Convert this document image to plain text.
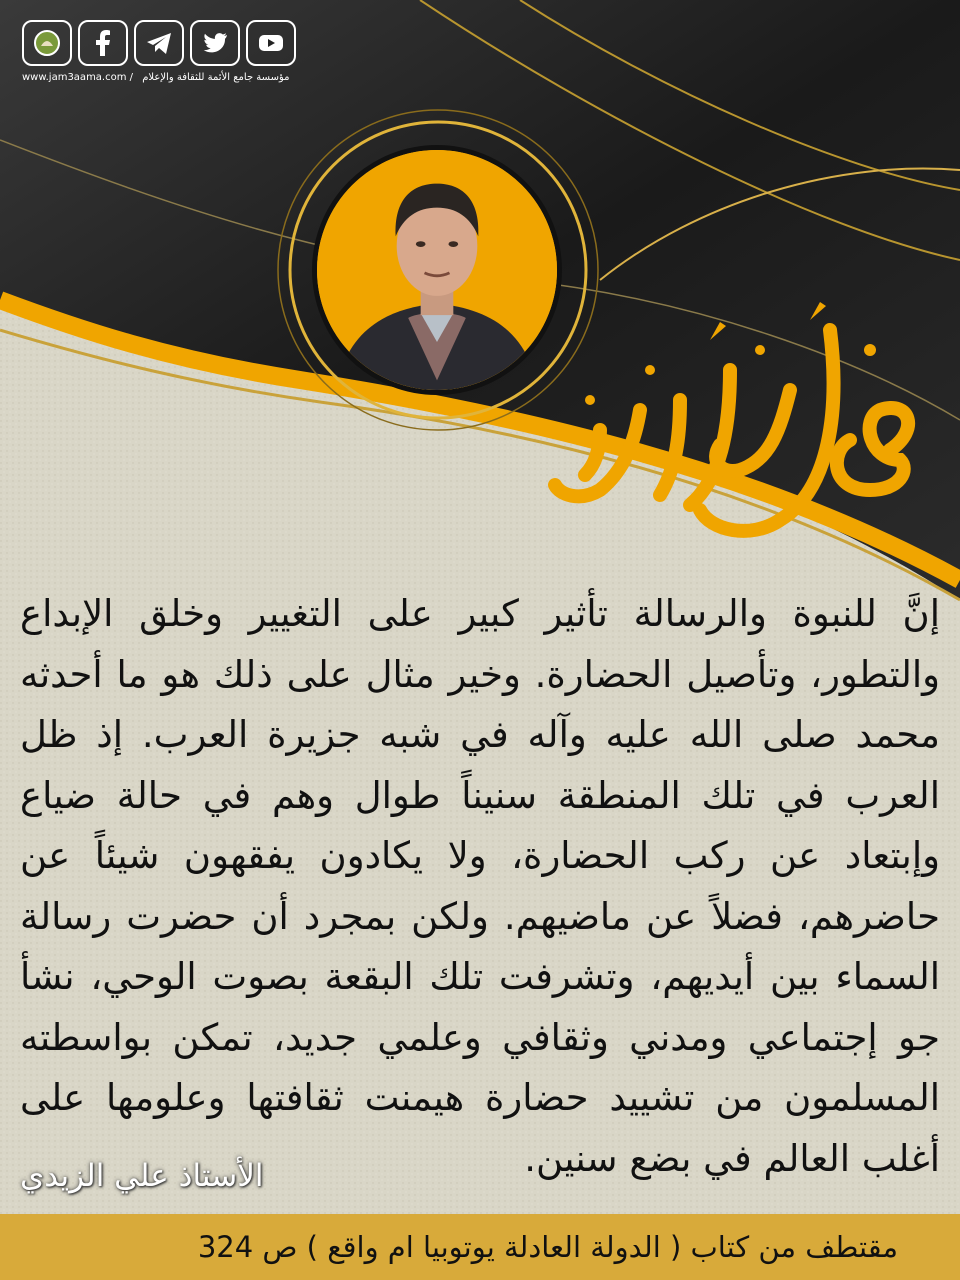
www.jam3aama.com / مؤسسة جامع الأئمة للثقافة والإعلام
إنَّ للنبوة والرسالة تأثير كبير على التغيير وخلق الإبداع والتطور، وتأصيل الحضارة. وخير مثال على ذلك هو ما أحدثه محمد صلى الله عليه وآله في شبه جزيرة العرب. إذ ظل العرب في تلك المنطقة سنيناً طوال وهم في حالة ضياع وإبتعاد عن ركب الحضارة، ولا يكادون يفقهون شيئاً عن حاضرهم، فضلاً عن ماضيهم. ولكن بمجرد أن حضرت رسالة السماء بين أيديهم، وتشرفت تلك البقعة بصوت الوحي، نشأ جو إجتماعي ومدني وثقافي وعلمي جديد، تمكن بواسطته المسلمون من تشييد حضارة هيمنت ثقافتها وعلومها على أغلب العالم في بضع سنين.
الأستاذ علي الزيدي
مقتطف من كتاب ( الدولة العادلة يوتوبيا ام واقع ) ص 324
